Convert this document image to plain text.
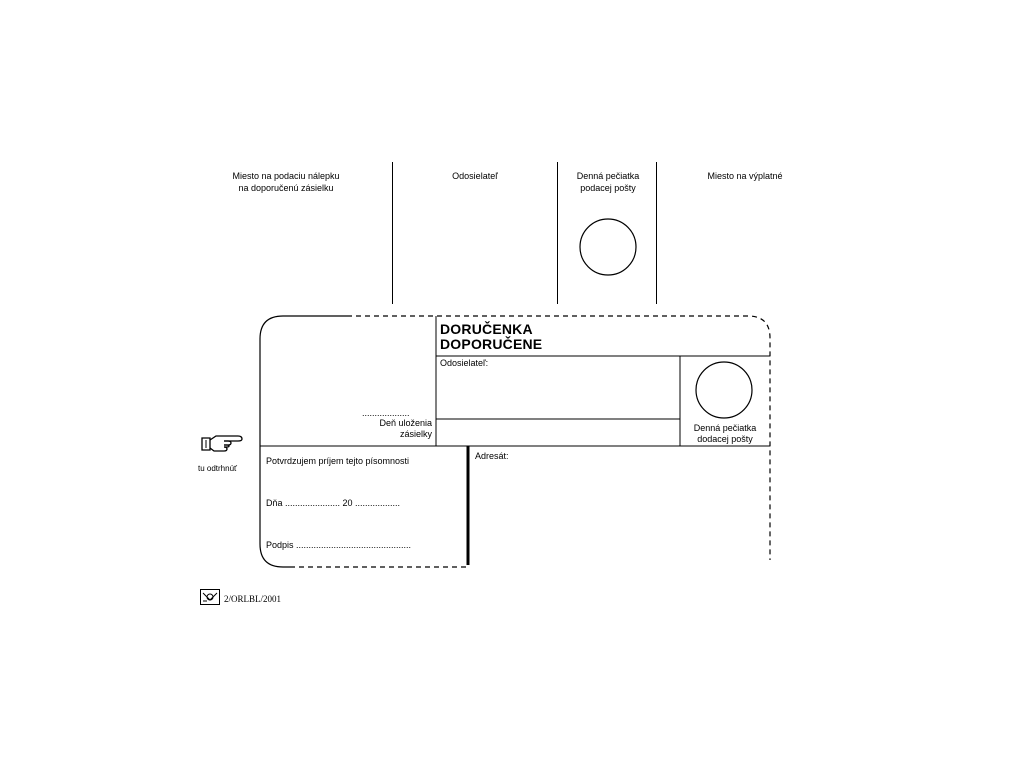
Miesto na podaciu nálepku
na doporučenú zásielku
Odosielateľ	Denná pečiatka
podacej pošty
Miesto na výplatné
DORUČENKA
DOPORUČENE
Odosielateľ:
...................
Deň uloženia
zásielky
Denná pečiatka
dodacej pošty
Potvrdzujem príjem tejto písomnosti
Dňa ...................... 20 ..................
Podpis ..............................................
Adresát:
tu odtrhnúť
2/ORLBL/2001
